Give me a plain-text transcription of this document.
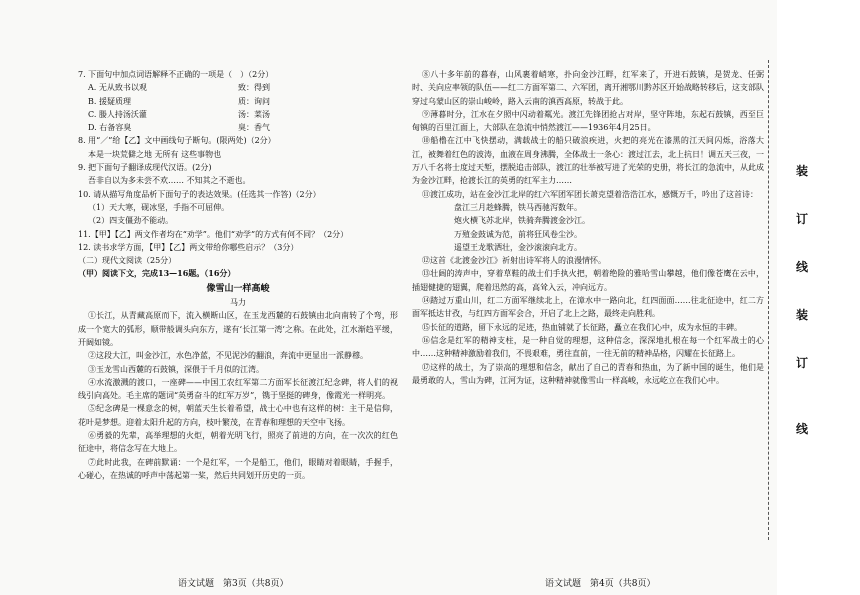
7. 下面句中加点词语解释不正确的一项是（　）（2分）
A. 无从致书以观	致：得到
B. 援疑质理	质：询问
C. 媵人持汤沃灌	汤：菜汤
D. 右备容臭	臭：香气
8. 用“／”给【乙】文中画线句子断句。(限两处)（2分）
本是一块荒僻之地 无所有 这些事物也
9. 把下面句子翻译成现代汉语。(2分)
吾非自以为多未尝不欢…… 不知其之不逝也。
10. 请从描写角度品析下面句子的表达效果。(任选其一作答)（2分）
（1）天大寒，砚冰坚，手指不可屈伸。
（2）四支僵劲不能动。
11.【甲】【乙】两文作者均在“劝学”。他们“劝学”的方式有何不同？（2分）
12. 读书求学方面，【甲】【乙】两文带给你哪些启示？（3分）
（二）现代文阅读（25分）
（甲）阅读下文，完成13—16题。（16分）
像雪山一样高峻
马力
①长江，从青藏高原而下，流入横断山区，在玉龙西麓的石鼓镇由北向南转了个弯，形成一个宽大的弧形，顺带般调头向东方，遂有‘长江第一湾’之称。在此处，江水渐趋平缓，开阔如镜。
②这段大江，叫金沙江，水色净蓝，不见泥沙的翻浪，奔流中更显出一派静穆。
③玉龙雪山西麓的石鼓镇，深偎于千月似的江湾。
④水流激溅的渡口，一座碑——中国工农红军第二方面军长征渡江纪念碑，将人们的视线引向高处。毛主席的题词“英勇奋斗的红军万岁”，镌于坚挺的碑身，像霞光一样明亮。
⑤纪念碑是一棵意念的树，朝蓝天生长着希望，战士心中也有这样的树：主干是信仰，花叶是梦想。迎着太阳升起的方向，枝叶繁茂，在青春和理想的天空中飞扬。
⑥勇毅的先辈，高举理想的火炬，朝着光明飞行，照亮了前进的方向，在一次次的红色征途中，将信念写在大地上。
⑦此时此我，在碑前默诵：一个是红军，一个是船工，他们，眼睛对着眼睛，手握手，心碰心，在热诚的呼声中荡起第一桨，然后共同划开历史的一页。
语文试题　第3页（共8页）
⑧八十多年前的暮春，山风裹着峭寒，扑向金沙江畔，红军来了，开进石鼓镇，是贺龙、任弼时、关向应率领的队伍——红二方面军第二、六军团，离开湘鄂川黔苏区开始战略转移后，这支部队穿过乌蒙山区的崇山峻岭，路入云南的滇西高原，转战于此。
⑨薄暮时分，江水在夕照中闪动着粼光。渡江先锋团抢占对岸，坚守阵地，东起石鼓镇，西至巨甸镇的百里江面上，大部队在急流中悄然渡江——1936年4月25日。
⑩船橹在江中飞快摆动，满载战士的船只破浪疾进，火把的亮光在漆黑的江天间闪烁，浴落大江，被舞着红色的波涛，血液在周身沸腾，全体战士一条心：渡过江去，北上抗日！调五天三夜，一万八千名将士度过天堑，摆脱追击部队，渡江的壮举被写进了光荣的史册，将长江的急流中，从此成为金沙江畔，抢渡长江的英勇的红军主力……
⑪渡江成功，站在金沙江北岸的红六军团军团长萧克望着浩浩江水，感慨万千，吟出了这首诗：
盘江三月趁蜂腾，铁马西驰泻数年。
炮火横飞苏北岸，铁骑奔腾渡金沙江。
万殖金鼓诚为范，前将狂风卷尘沙。
遥望王龙歌洒壮，金沙滚滚向北方。
⑫这首《北渡金沙江》祈射出诗军将人的浪漫情怀。
⑬壮阔的涛声中，穿着草鞋的战士们手执火把，朝着绝险的雅哈雪山攀越，他们像苍鹰在云中，插翅健捷的翅翼，爬着迅然的高，高耸入云，冲向远方。
⑭踏过万重山川，红二方面军继续北上，在漳水中一路向北，红四面面……往北征途中，红二方面军抵达甘孜，与红四方面军会合，开启了北上之路，最终走向胜利。
⑮长征的道路，留下永远的足迹，热血铺就了长征路，矗立在我们心中，成为永恒的丰碑。
⑯信念是红军的精神支柱，是一种自觉的理想，这种信念，深深地扎根在每一个红军战士的心中……这种精神激励着我们，不畏艰难，勇往直前，一往无前的精神品格，闪耀在长征路上。
⑰这样的战士，为了崇高的理想和信念，献出了自己的青春和热血，为了新中国的诞生，他们是最勇敢的人，雪山为碑，江河为证，这种精神就像雪山一样高峻，永远屹立在我们心中。
语文试题　第4页（共8页）
装
订
线
装
订
线
